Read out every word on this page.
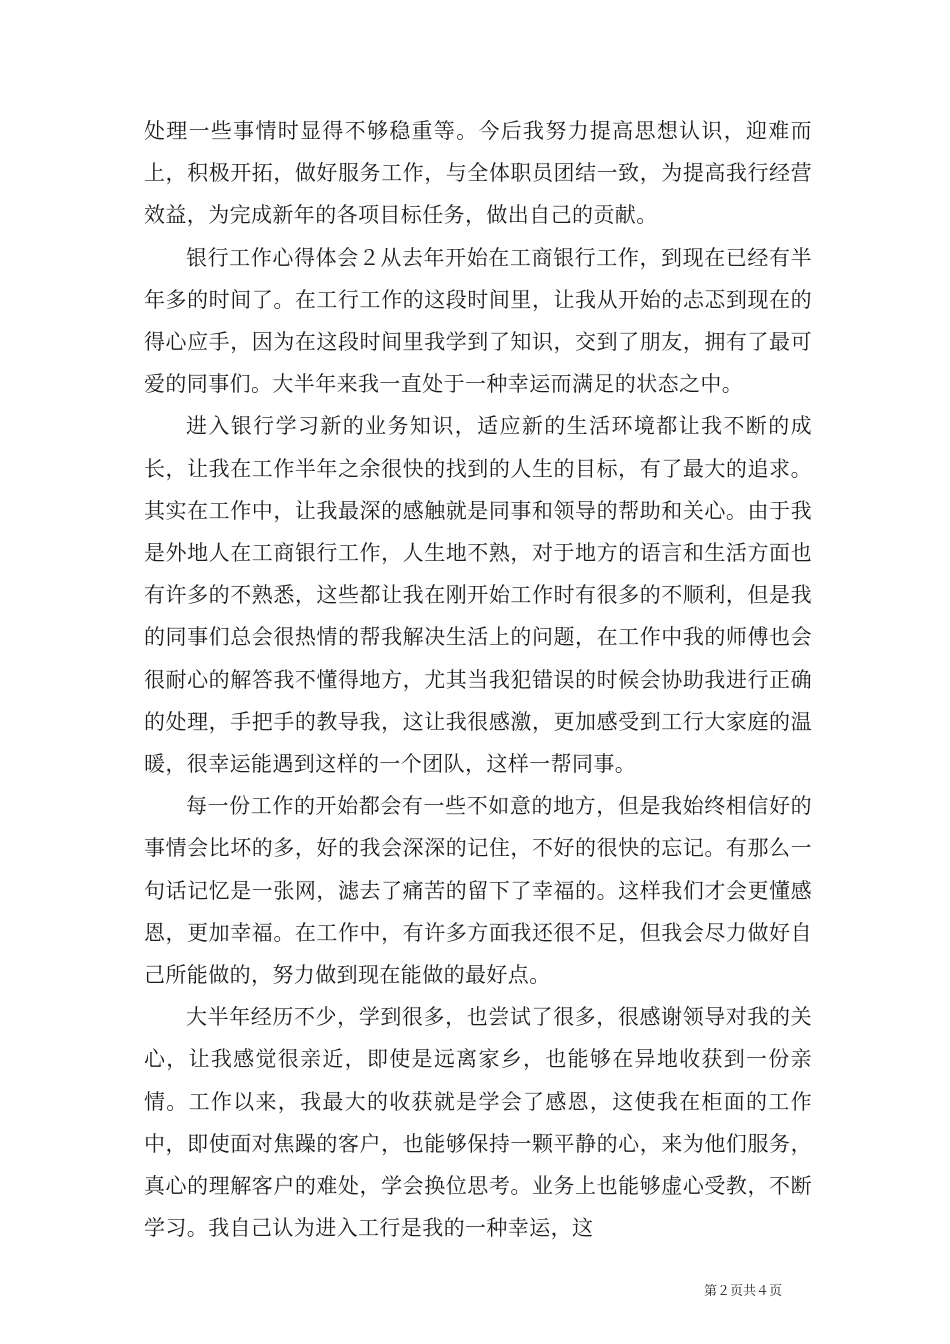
处理一些事情时显得不够稳重等。今后我努力提高思想认识，迎难而上，积极开拓，做好服务工作，与全体职员团结一致，为提高我行经营效益，为完成新年的各项目标任务，做出自己的贡献。

银行工作心得体会２从去年开始在工商银行工作，到现在已经有半年多的时间了。在工行工作的这段时间里，让我从开始的忐忑到现在的得心应手，因为在这段时间里我学到了知识，交到了朋友，拥有了最可爱的同事们。大半年来我一直处于一种幸运而满足的状态之中。

进入银行学习新的业务知识，适应新的生活环境都让我不断的成长，让我在工作半年之余很快的找到的人生的目标，有了最大的追求。其实在工作中，让我最深的感触就是同事和领导的帮助和关心。由于我是外地人在工商银行工作，人生地不熟，对于地方的语言和生活方面也有许多的不熟悉，这些都让我在刚开始工作时有很多的不顺利，但是我的同事们总会很热情的帮我解决生活上的问题，在工作中我的师傅也会很耐心的解答我不懂得地方，尤其当我犯错误的时候会协助我进行正确的处理，手把手的教导我，这让我很感激，更加感受到工行大家庭的温暖，很幸运能遇到这样的一个团队，这样一帮同事。

每一份工作的开始都会有一些不如意的地方，但是我始终相信好的事情会比坏的多，好的我会深深的记住，不好的很快的忘记。有那么一句话记忆是一张网，滤去了痛苦的留下了幸福的。这样我们才会更懂感恩，更加幸福。在工作中，有许多方面我还很不足，但我会尽力做好自己所能做的，努力做到现在能做的最好点。

大半年经历不少，学到很多，也尝试了很多，很感谢领导对我的关心，让我感觉很亲近，即使是远离家乡，也能够在异地收获到一份亲情。工作以来，我最大的收获就是学会了感恩，这使我在柜面的工作中，即使面对焦躁的客户，也能够保持一颗平静的心，来为他们服务，真心的理解客户的难处，学会换位思考。业务上也能够虚心受教，不断学习。我自己认为进入工行是我的一种幸运，这

第２页共４页
